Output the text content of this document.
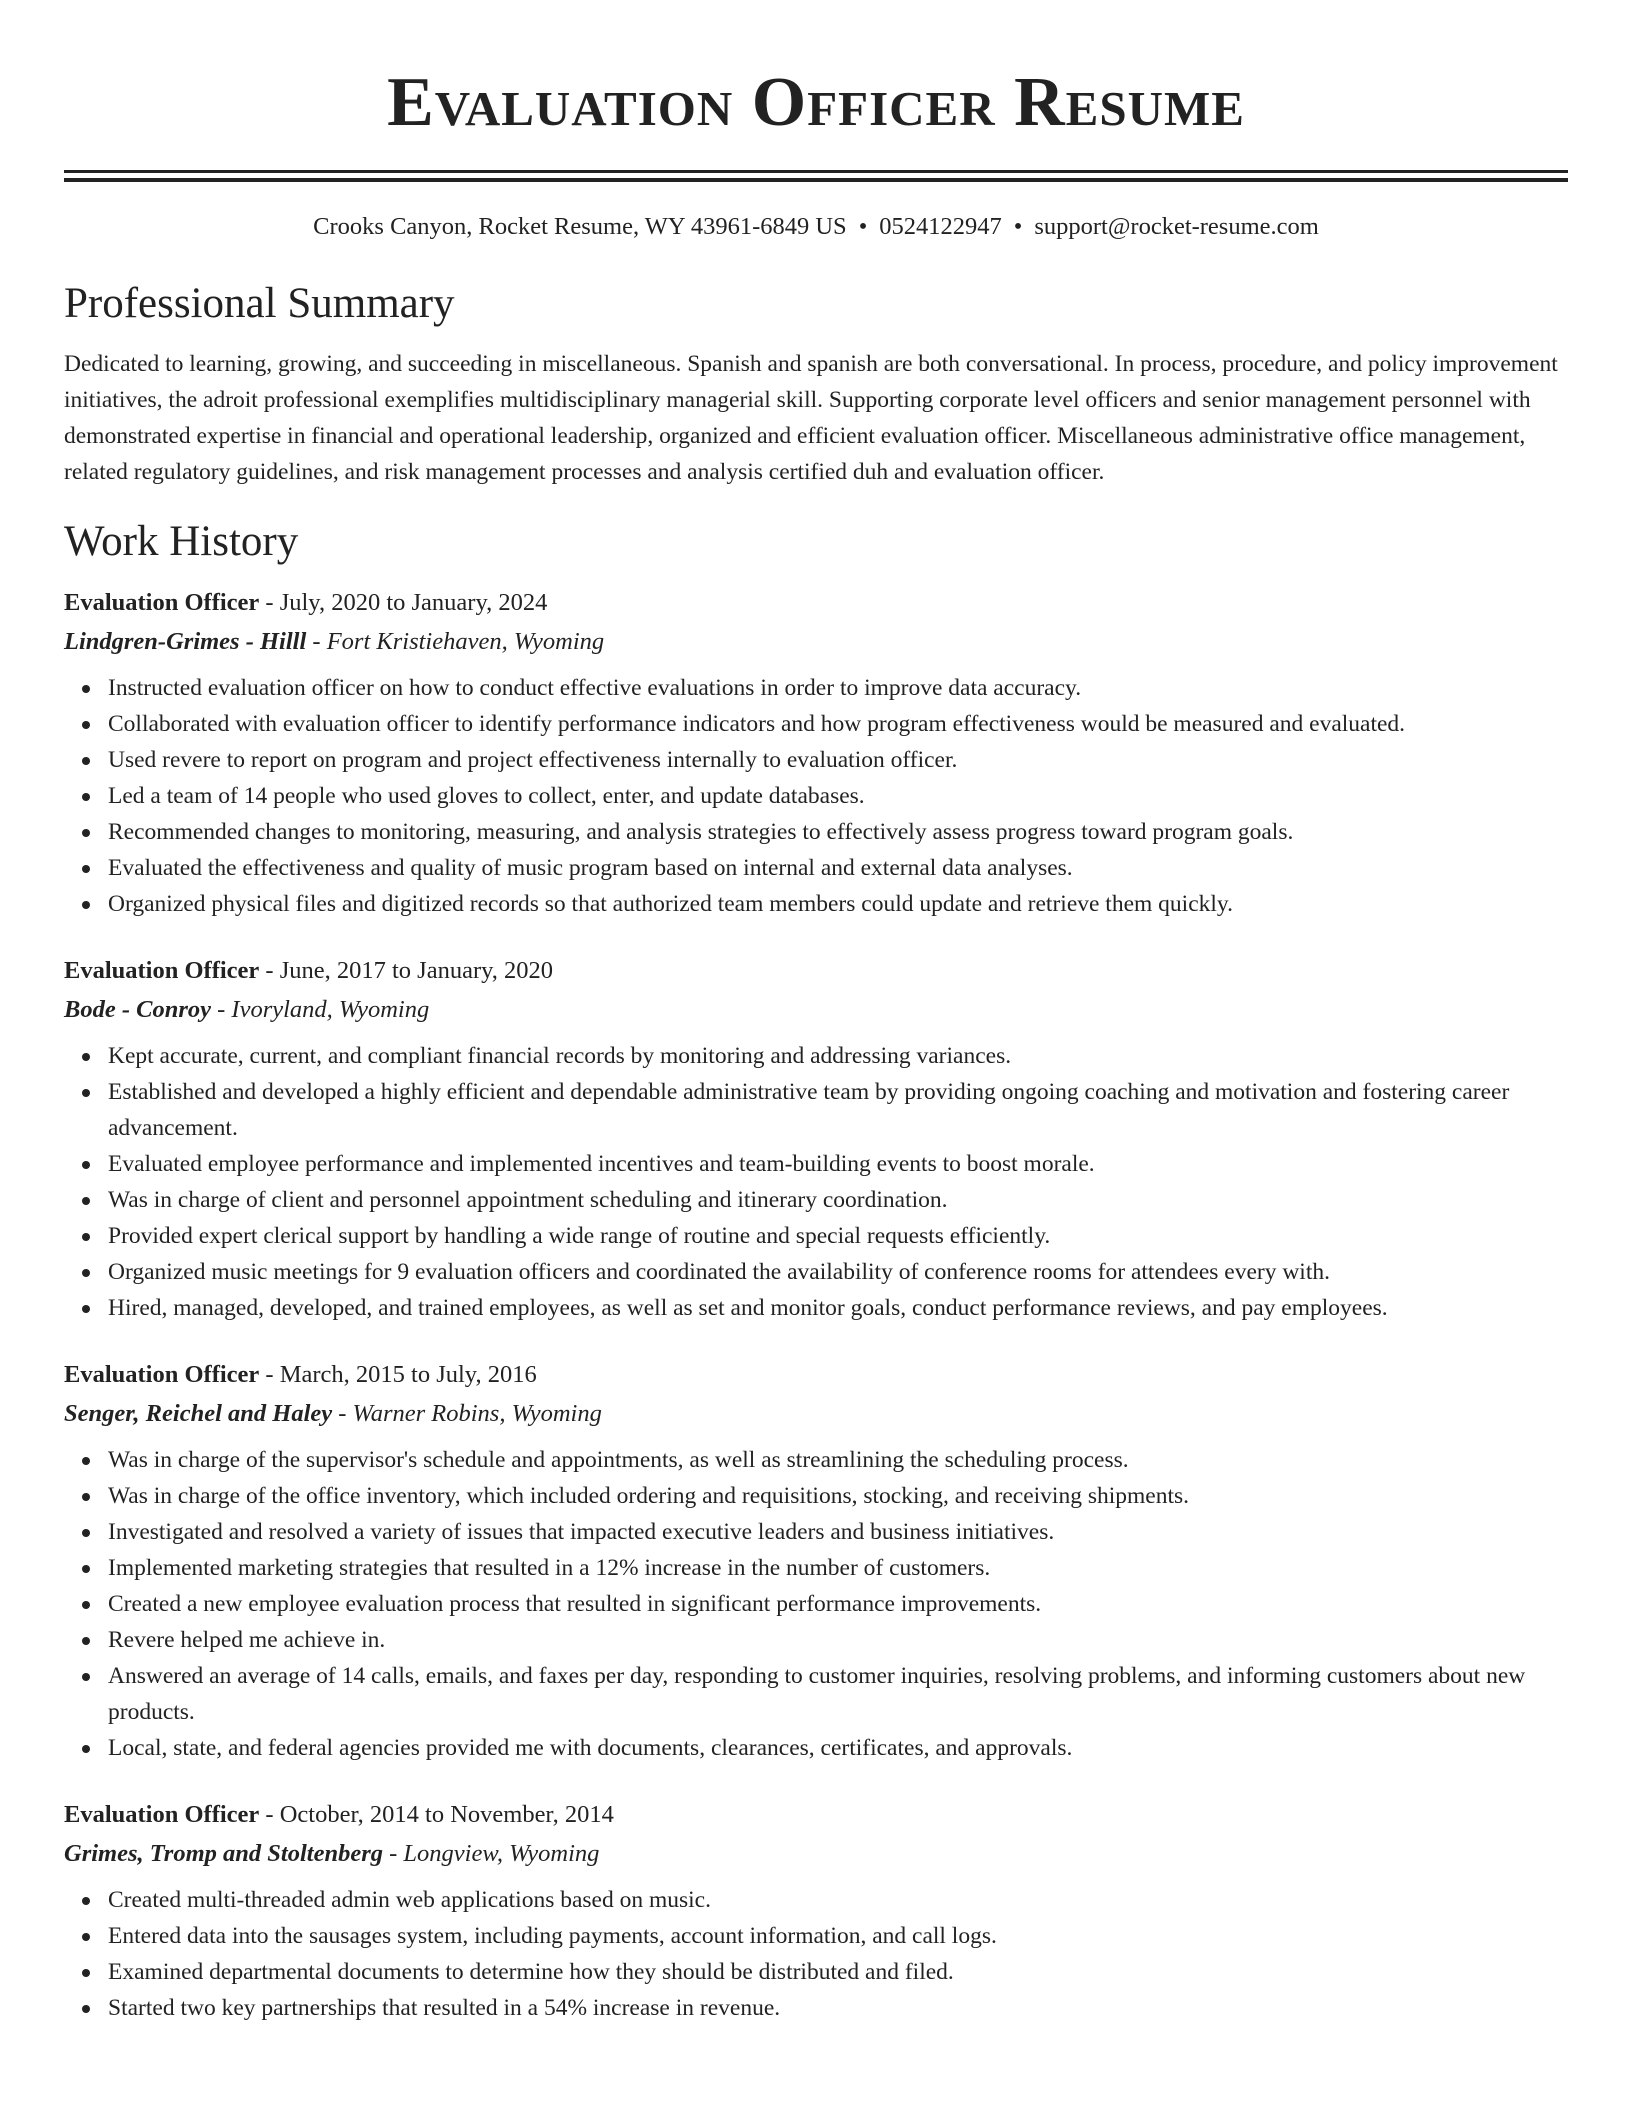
Evaluation Officer Resume
Crooks Canyon, Rocket Resume, WY 43961-6849 US • 0524122947 • support@rocket-resume.com
Professional Summary
Dedicated to learning, growing, and succeeding in miscellaneous. Spanish and spanish are both conversational. In process, procedure, and policy improvement initiatives, the adroit professional exemplifies multidisciplinary managerial skill. Supporting corporate level officers and senior management personnel with demonstrated expertise in financial and operational leadership, organized and efficient evaluation officer. Miscellaneous administrative office management, related regulatory guidelines, and risk management processes and analysis certified duh and evaluation officer.
Work History
Evaluation Officer - July, 2020 to January, 2024
Lindgren-Grimes - Hilll - Fort Kristiehaven, Wyoming
Instructed evaluation officer on how to conduct effective evaluations in order to improve data accuracy.
Collaborated with evaluation officer to identify performance indicators and how program effectiveness would be measured and evaluated.
Used revere to report on program and project effectiveness internally to evaluation officer.
Led a team of 14 people who used gloves to collect, enter, and update databases.
Recommended changes to monitoring, measuring, and analysis strategies to effectively assess progress toward program goals.
Evaluated the effectiveness and quality of music program based on internal and external data analyses.
Organized physical files and digitized records so that authorized team members could update and retrieve them quickly.
Evaluation Officer - June, 2017 to January, 2020
Bode - Conroy - Ivoryland, Wyoming
Kept accurate, current, and compliant financial records by monitoring and addressing variances.
Established and developed a highly efficient and dependable administrative team by providing ongoing coaching and motivation and fostering career advancement.
Evaluated employee performance and implemented incentives and team-building events to boost morale.
Was in charge of client and personnel appointment scheduling and itinerary coordination.
Provided expert clerical support by handling a wide range of routine and special requests efficiently.
Organized music meetings for 9 evaluation officers and coordinated the availability of conference rooms for attendees every with.
Hired, managed, developed, and trained employees, as well as set and monitor goals, conduct performance reviews, and pay employees.
Evaluation Officer - March, 2015 to July, 2016
Senger, Reichel and Haley - Warner Robins, Wyoming
Was in charge of the supervisor's schedule and appointments, as well as streamlining the scheduling process.
Was in charge of the office inventory, which included ordering and requisitions, stocking, and receiving shipments.
Investigated and resolved a variety of issues that impacted executive leaders and business initiatives.
Implemented marketing strategies that resulted in a 12% increase in the number of customers.
Created a new employee evaluation process that resulted in significant performance improvements.
Revere helped me achieve in.
Answered an average of 14 calls, emails, and faxes per day, responding to customer inquiries, resolving problems, and informing customers about new products.
Local, state, and federal agencies provided me with documents, clearances, certificates, and approvals.
Evaluation Officer - October, 2014 to November, 2014
Grimes, Tromp and Stoltenberg - Longview, Wyoming
Created multi-threaded admin web applications based on music.
Entered data into the sausages system, including payments, account information, and call logs.
Examined departmental documents to determine how they should be distributed and filed.
Started two key partnerships that resulted in a 54% increase in revenue.
